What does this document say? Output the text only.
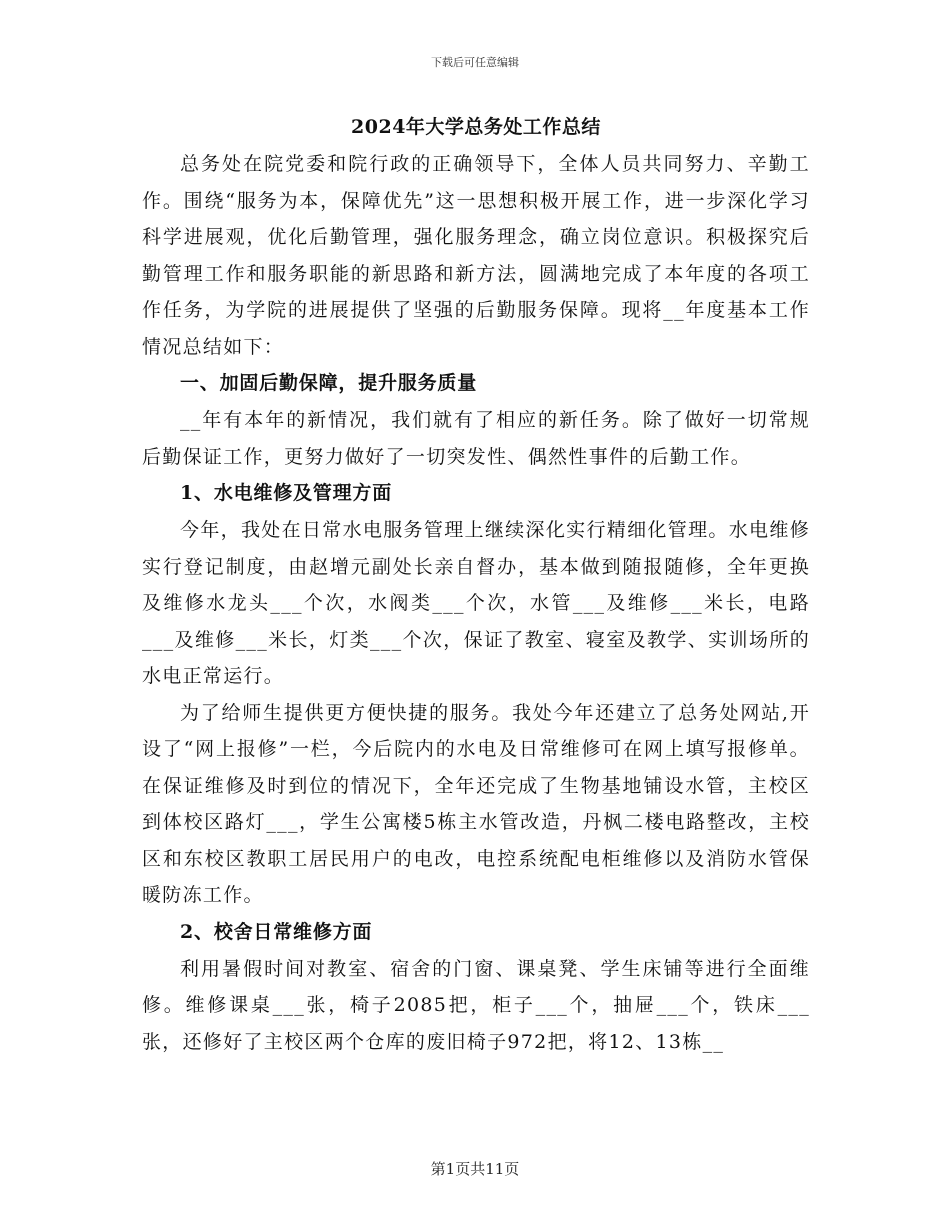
下载后可任意编辑
2024年大学总务处工作总结

总务处在院党委和院行政的正确领导下，全体人员共同努力、辛勤工作。围绕“服务为本，保障优先”这一思想积极开展工作，进一步深化学习科学进展观，优化后勤管理，强化服务理念，确立岗位意识。积极探究后勤管理工作和服务职能的新思路和新方法，圆满地完成了本年度的各项工作任务，为学院的进展提供了坚强的后勤服务保障。现将__年度基本工作情况总结如下：

一、加固后勤保障，提升服务质量

__年有本年的新情况，我们就有了相应的新任务。除了做好一切常规后勤保证工作，更努力做好了一切突发性、偶然性事件的后勤工作。

1、水电维修及管理方面

今年，我处在日常水电服务管理上继续深化实行精细化管理。水电维修实行登记制度，由赵增元副处长亲自督办，基本做到随报随修，全年更换及维修水龙头___个次，水阀类___个次，水管___及维修___米长，电路___及维修___米长，灯类___个次，保证了教室、寝室及教学、实训场所的水电正常运行。

为了给师生提供更方便快捷的服务。我处今年还建立了总务处网站,开设了“网上报修”一栏，今后院内的水电及日常维修可在网上填写报修单。在保证维修及时到位的情况下，全年还完成了生物基地铺设水管，主校区到体校区路灯___，学生公寓楼5栋主水管改造，丹枫二楼电路整改，主校区和东校区教职工居民用户的电改，电控系统配电柜维修以及消防水管保暖防冻工作。

2、校舍日常维修方面

利用暑假时间对教室、宿舍的门窗、课桌凳、学生床铺等进行全面维修。维修课桌___张，椅子2085把，柜子___个，抽屉___个，铁床___张，还修好了主校区两个仓库的废旧椅子972把，将12、13栋__

第1页共11页
